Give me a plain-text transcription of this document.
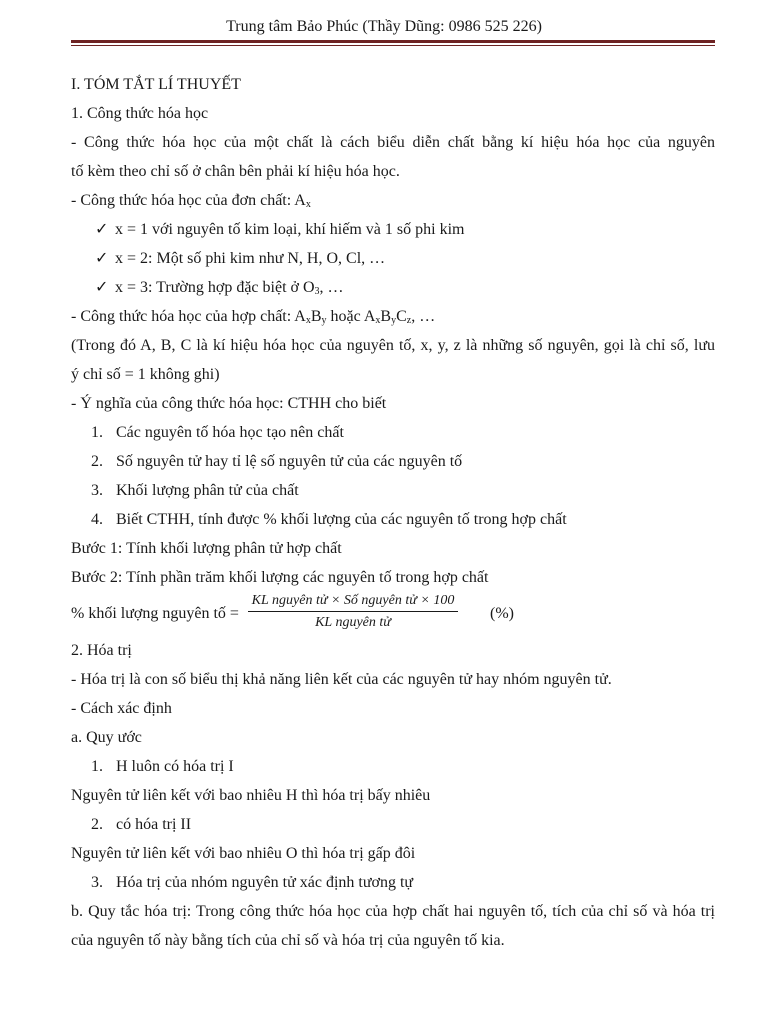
Trung tâm Bảo Phúc (Thầy Dũng: 0986 525 226)
I. TÓM TẮT LÍ THUYẾT
1. Công thức hóa học
- Công thức hóa học của một chất là cách biểu diễn chất bằng kí hiệu hóa học của nguyên
tố kèm theo chỉ số ở chân bên phải kí hiệu hóa học.
- Công thức hóa học của đơn chất: $A_x$
✓ x = 1 với nguyên tố kim loại, khí hiếm và 1 số phi kim
✓ x = 2: Một số phi kim như N, H, O, Cl, …
✓ x = 3: Trường hợp đặc biệt ở $O_3$, …
- Công thức hóa học của hợp chất: $A_xB_y$ hoặc $A_xB_yC_z$, …
(Trong đó A, B, C là kí hiệu hóa học của nguyên tố, x, y, z là những số nguyên, gọi là chỉ số, lưu
ý chỉ số = 1 không ghi)
- Ý nghĩa của công thức hóa học: CTHH cho biết
1. Các nguyên tố hóa học tạo nên chất
2. Số nguyên tử hay tỉ lệ số nguyên tử của các nguyên tố
3. Khối lượng phân tử của chất
4. Biết CTHH, tính được % khối lượng của các nguyên tố trong hợp chất
Bước 1: Tính khối lượng phân tử hợp chất
Bước 2: Tính phần trăm khối lượng các nguyên tố trong hợp chất
% khối lượng nguyên tố =
KL nguyên tử × Số nguyên tử × 100
KL nguyên tử
(%)
2. Hóa trị
- Hóa trị là con số biểu thị khả năng liên kết của các nguyên tử hay nhóm nguyên tử.
- Cách xác định
a. Quy ước
1. H luôn có hóa trị I
Nguyên tử liên kết với bao nhiêu H thì hóa trị bấy nhiêu
2. có hóa trị II
Nguyên tử liên kết với bao nhiêu O thì hóa trị gấp đôi
3. Hóa trị của nhóm nguyên tử xác định tương tự
b. Quy tắc hóa trị: Trong công thức hóa học của hợp chất hai nguyên tố, tích của chỉ số và hóa trị
của nguyên tố này bằng tích của chỉ số và hóa trị của nguyên tố kia.
